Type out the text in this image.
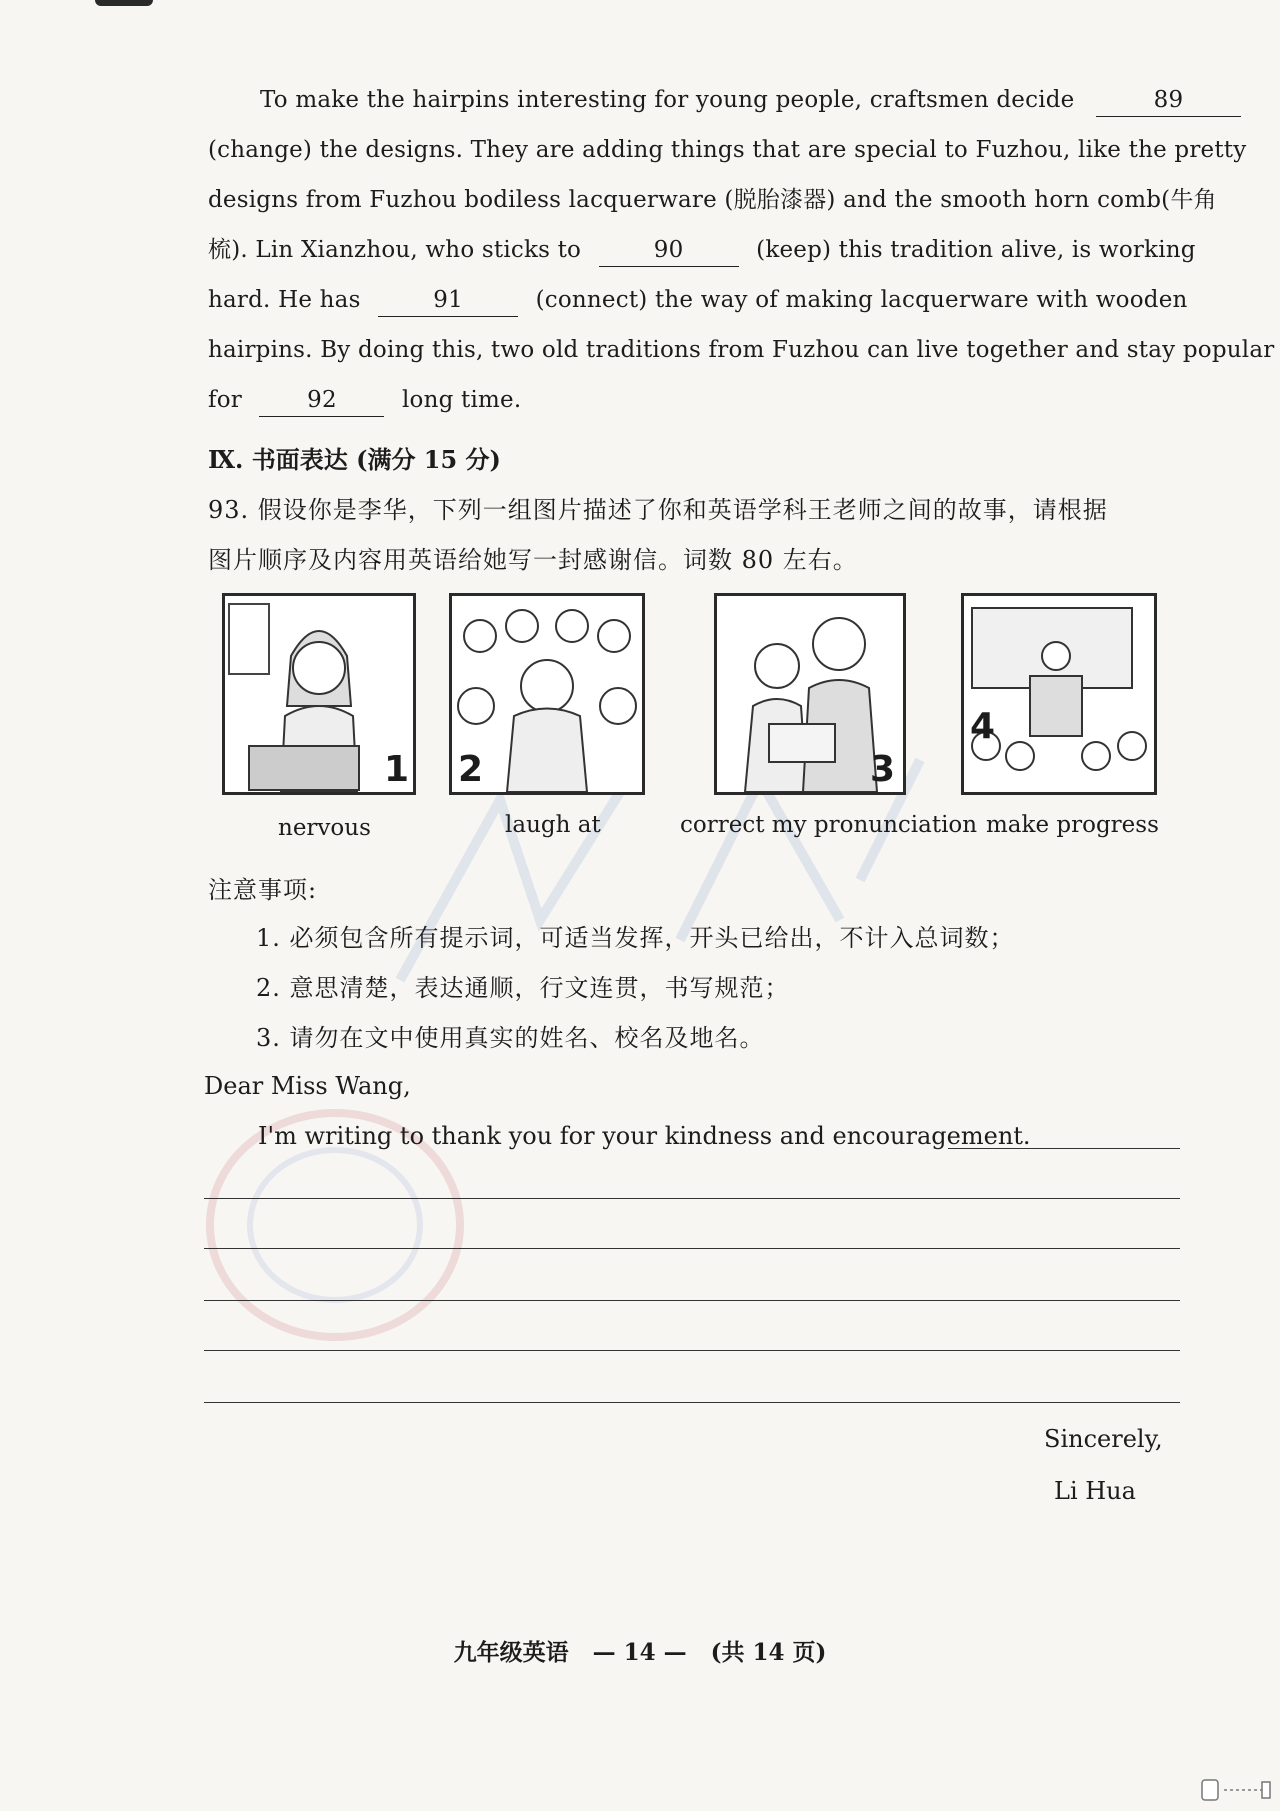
To make the hairpins interesting for young people, craftsmen decide	89
(change) the designs. They are adding things that are special to Fuzhou, like the pretty
designs from Fuzhou bodiless lacquerware (脱胎漆器) and the smooth horn comb(牛角
梳). Lin Xianzhou, who sticks to	90	(keep) this tradition alive, is working
hard. He has	91	(connect) the way of making lacquerware with wooden
hairpins. By doing this, two old traditions from Fuzhou can live together and stay popular
for	92	long time.
Ⅸ. 书面表达 (满分 15 分)
93. 假设你是李华，下列一组图片描述了你和英语学科王老师之间的故事，请根据
图片顺序及内容用英语给她写一封感谢信。词数 80 左右。
1 2	3
4
nervous	laugh at	correct my pronunciation make progress
注意事项:
1. 必须包含所有提示词，可适当发挥，开头已给出，不计入总词数；
2. 意思清楚，表达通顺，行文连贯，书写规范；
3. 请勿在文中使用真实的姓名、校名及地名。
Dear Miss Wang,
I'm writing to thank you for your kindness and encouragement.
Sincerely,
Li Hua
九年级英语 — 14 — (共 14 页)
